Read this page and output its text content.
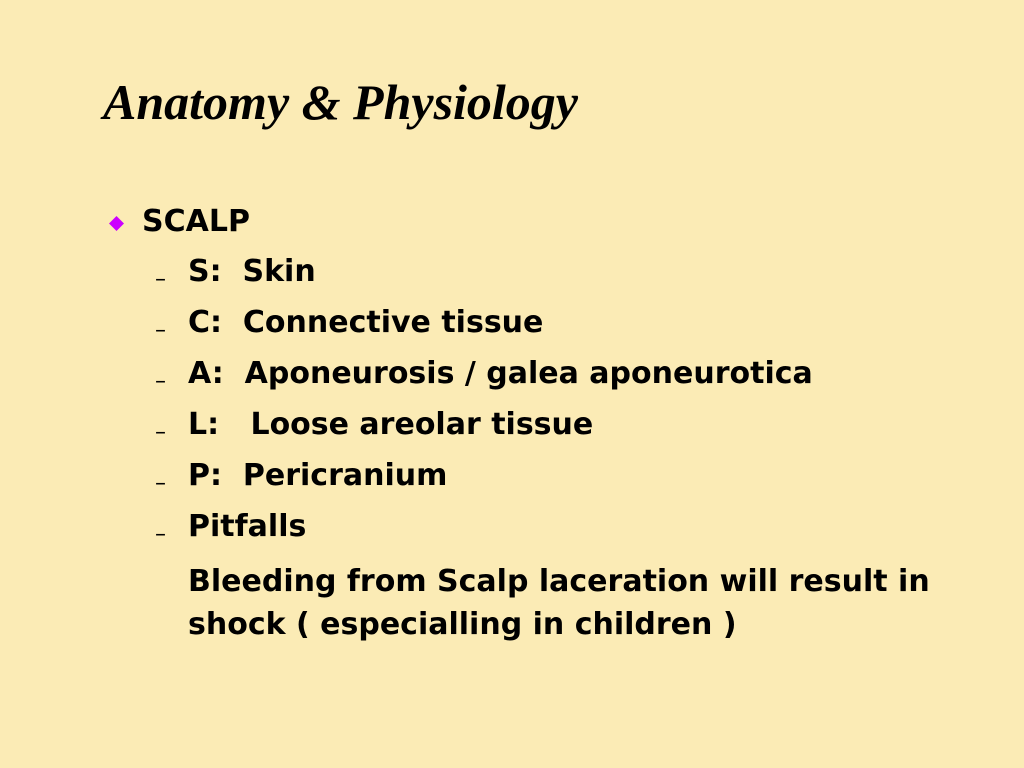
Anatomy & Physiology
SCALP
– S:  Skin
– C:  Connective tissue
– A:  Aponeurosis / galea aponeurotica
– L:   Loose areolar tissue
– P:  Pericranium
– Pitfalls
Bleeding from Scalp laceration will result in
shock ( especialling in children )
